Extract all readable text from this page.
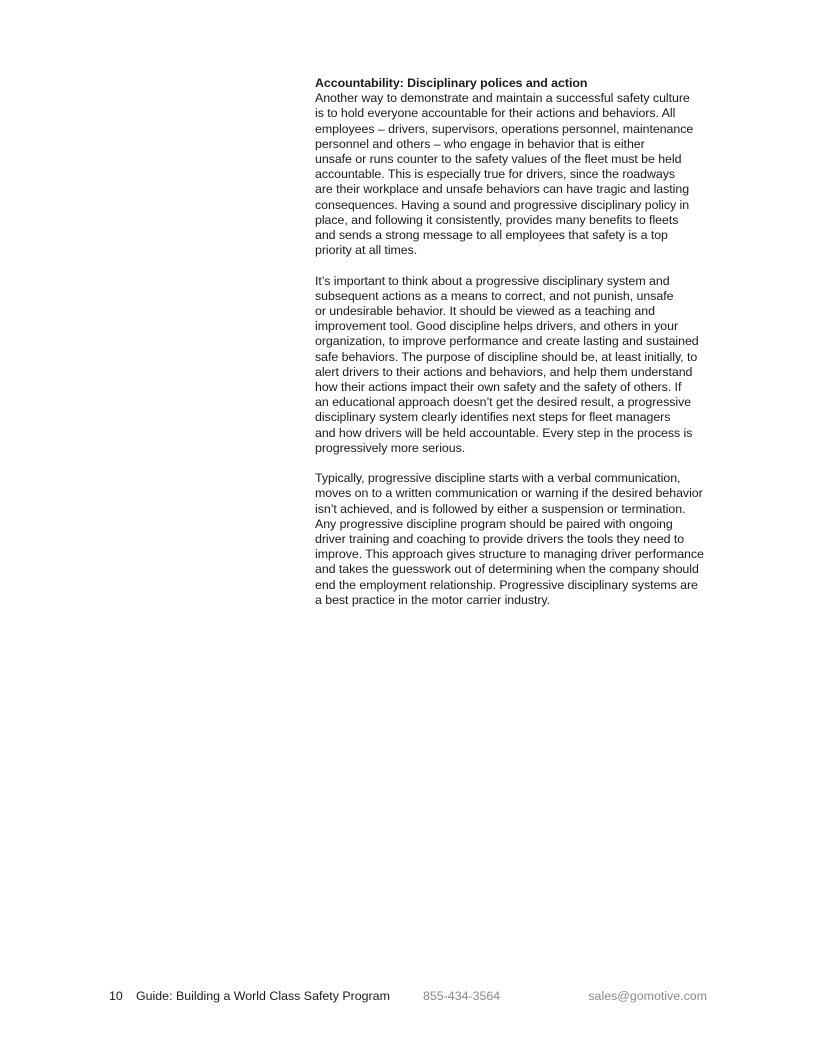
Accountability: Disciplinary polices and action

Another way to demonstrate and maintain a successful safety culture
is to hold everyone accountable for their actions and behaviors. All
employees – drivers, supervisors, operations personnel, maintenance
personnel and others – who engage in behavior that is either
unsafe or runs counter to the safety values of the fleet must be held
accountable. This is especially true for drivers, since the roadways
are their workplace and unsafe behaviors can have tragic and lasting
consequences. Having a sound and progressive disciplinary policy in
place, and following it consistently, provides many benefits to fleets
and sends a strong message to all employees that safety is a top
priority at all times.

It’s important to think about a progressive disciplinary system and
subsequent actions as a means to correct, and not punish, unsafe
or undesirable behavior. It should be viewed as a teaching and
improvement tool. Good discipline helps drivers, and others in your
organization, to improve performance and create lasting and sustained
safe behaviors. The purpose of discipline should be, at least initially, to
alert drivers to their actions and behaviors, and help them understand
how their actions impact their own safety and the safety of others. If
an educational approach doesn’t get the desired result, a progressive
disciplinary system clearly identifies next steps for fleet managers
and how drivers will be held accountable. Every step in the process is
progressively more serious.

Typically, progressive discipline starts with a verbal communication,
moves on to a written communication or warning if the desired behavior
isn’t achieved, and is followed by either a suspension or termination.
Any progressive discipline program should be paired with ongoing
driver training and coaching to provide drivers the tools they need to
improve. This approach gives structure to managing driver performance
and takes the guesswork out of determining when the company should
end the employment relationship. Progressive disciplinary systems are
a best practice in the motor carrier industry.

10 Guide: Building a World Class Safety Program	855-434-3564	sales@gomotive.com
